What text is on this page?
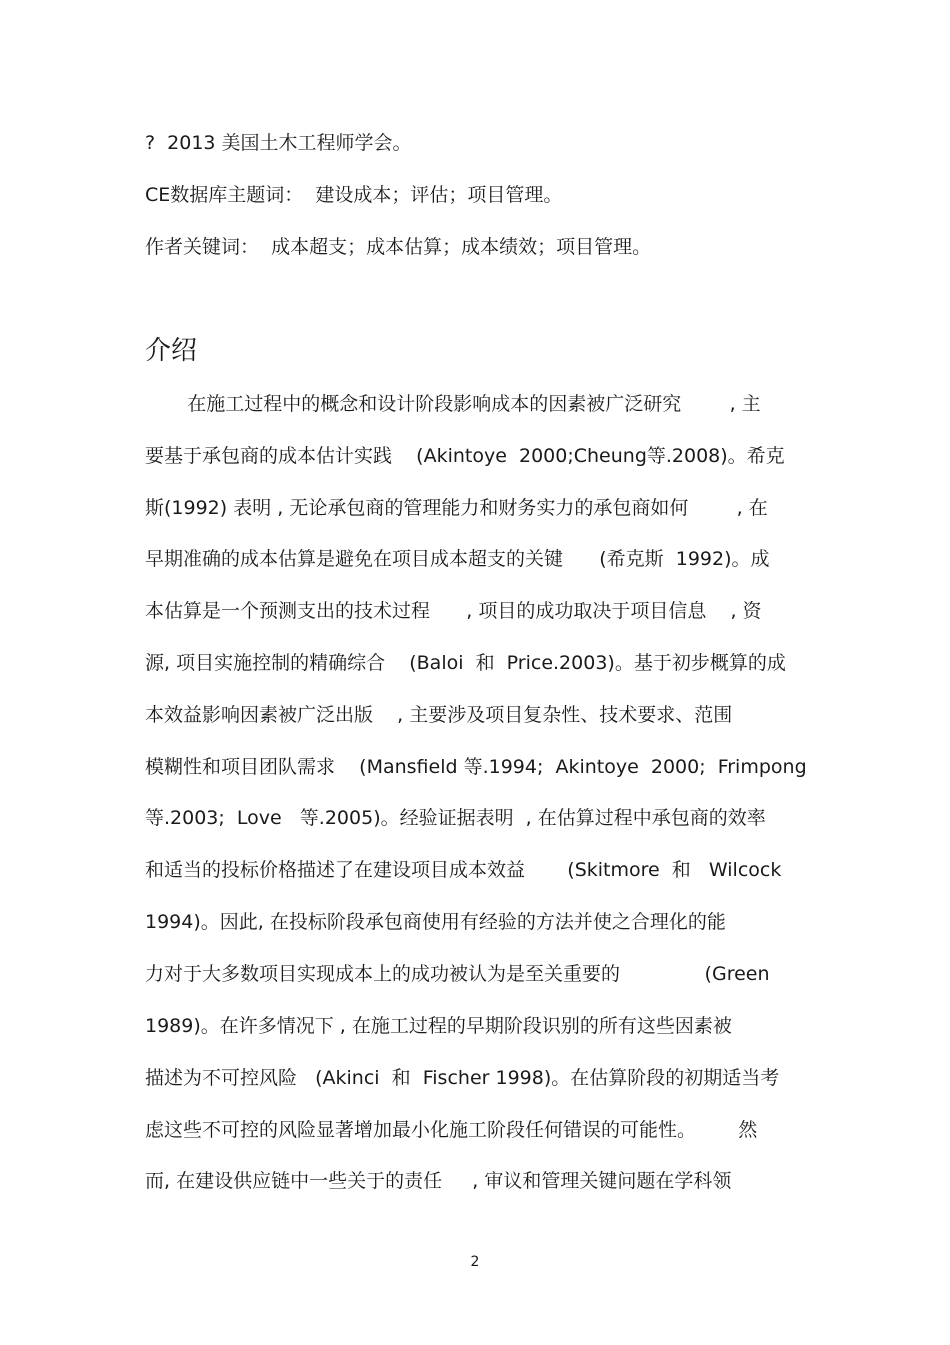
?  2013 美国土木工程师学会。

CE数据库主题词：  建设成本；评估；项目管理。

作者关键词：  成本超支；成本估算；成本绩效；项目管理。

介绍

在施工过程中的概念和设计阶段影响成本的因素被广泛研究        , 主

要基于承包商的成本估计实践    (Akintoye  2000;Cheung等.2008)。希克

斯(1992) 表明 , 无论承包商的管理能力和财务实力的承包商如何        , 在

早期准确的成本估算是避免在项目成本超支的关键      (希克斯  1992)。成

本估算是一个预测支出的技术过程      , 项目的成功取决于项目信息    , 资

源, 项目实施控制的精确综合    (Baloi  和  Price.2003)。基于初步概算的成

本效益影响因素被广泛出版    , 主要涉及项目复杂性、技术要求、范围

模糊性和项目团队需求    (Mansfield 等.1994;  Akintoye  2000;  Frimpong

等.2003;  Love   等.2005)。经验证据表明  , 在估算过程中承包商的效率

和适当的投标价格描述了在建设项目成本效益       (Skitmore  和   Wilcock

1994)。因此, 在投标阶段承包商使用有经验的方法并使之合理化的能

力对于大多数项目实现成本上的成功被认为是至关重要的              (Green

1989)。在许多情况下 , 在施工过程的早期阶段识别的所有这些因素被

描述为不可控风险   (Akinci  和  Fischer 1998)。在估算阶段的初期适当考

虑这些不可控的风险显著增加最小化施工阶段任何错误的可能性。       然

而, 在建设供应链中一些关于的责任     , 审议和管理关键问题在学科领

2
